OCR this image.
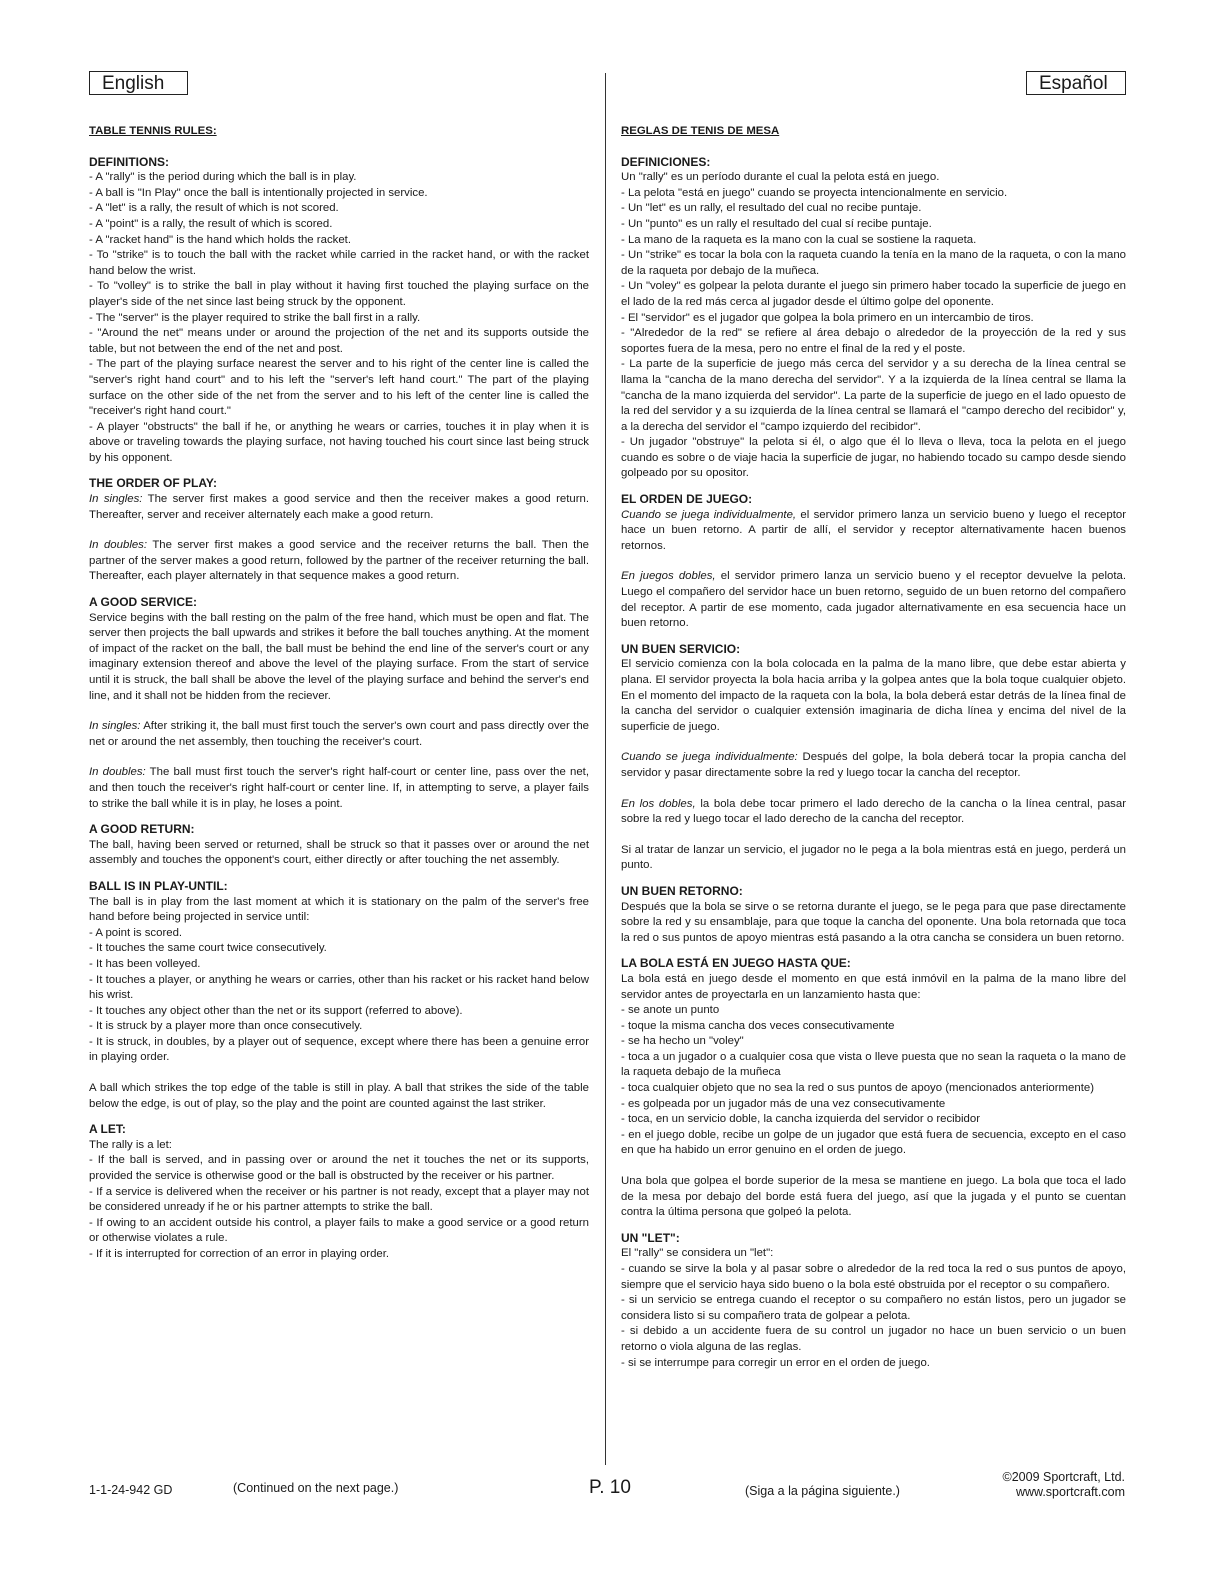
English	Español
TABLE TENNIS RULES:
DEFINITIONS:

- A "rally" is the period during which the ball is in play.
- A ball is "In Play" once the ball is intentionally projected in service.
- A "let" is a rally, the result of which is not scored.
- A "point" is a rally, the result of which is scored.
- A "racket hand" is the hand which holds the racket.
- To "strike" is to touch the ball with the racket while carried in the racket hand, or with the racket hand below the wrist.
- To "volley" is to strike the ball in play without it having first touched the playing surface on the player's side of the net since last being struck by the opponent.
- The "server" is the player required to strike the ball first in a rally.
- "Around the net" means under or around the projection of the net and its supports outside the table, but not between the end of the net and post.
- The part of the playing surface nearest the server and to his right of the center line is called the "server's right hand court" and to his left the "server's left hand court." The part of the playing surface on the other side of the net from the server and to his left of the center line is called the "receiver's right hand court."
- A player "obstructs" the ball if he, or anything he wears or carries, touches it in play when it is above or traveling towards the playing surface, not having touched his court since last being struck by his opponent.

THE ORDER OF PLAY:

In singles: The server first makes a good service and then the receiver makes a good return. Thereafter, server and receiver alternately each make a good return.

In doubles: The server first makes a good service and the receiver returns the ball. Then the partner of the server makes a good return, followed by the partner of the receiver returning the ball. Thereafter, each player alternately in that sequence makes a good return.

A GOOD SERVICE:

Service begins with the ball resting on the palm of the free hand, which must be open and flat. The server then projects the ball upwards and strikes it before the ball touches anything. At the moment of impact of the racket on the ball, the ball must be behind the end line of the server's court or any imaginary extension thereof and above the level of the playing surface. From the start of service until it is struck, the ball shall be above the level of the playing surface and behind the server's end line, and it shall not be hidden from the reciever.

In singles: After striking it, the ball must first touch the server's own court and pass directly over the net or around the net assembly, then touching the receiver's court.

In doubles: The ball must first touch the server's right half-court or center line, pass over the net, and then touch the receiver's right half-court or center line. If, in attempting to serve, a player fails to strike the ball while it is in play, he loses a point.

A GOOD RETURN:

The ball, having been served or returned, shall be struck so that it passes over or around the net assembly and touches the opponent's court, either directly or after touching the net assembly.

BALL IS IN PLAY-UNTIL:

The ball is in play from the last moment at which it is stationary on the palm of the server's free hand before being projected in service until:
- A point is scored.
- It touches the same court twice consecutively.
- It has been volleyed.
- It touches a player, or anything he wears or carries, other than his racket or his racket hand below his wrist.
- It touches any object other than the net or its support (referred to above).
- It is struck by a player more than once consecutively.
- It is struck, in doubles, by a player out of sequence, except where there has been a genuine error in playing order.

A ball which strikes the top edge of the table is still in play. A ball that strikes the side of the table below the edge, is out of play, so the play and the point are counted against the last striker.

A LET:

The rally is a let:
- If the ball is served, and in passing over or around the net it touches the net or its supports, provided the service is otherwise good or the ball is obstructed by the receiver or his partner.
- If a service is delivered when the receiver or his partner is not ready, except that a player may not be considered unready if he or his partner attempts to strike the ball.
- If owing to an accident outside his control, a player fails to make a good service or a good return or otherwise violates a rule.
- If it is interrupted for correction of an error in playing order.

REGLAS DE TENIS DE MESA
DEFINICIONES:

Un "rally" es un período durante el cual la pelota está en juego.
- La pelota "está en juego" cuando se proyecta intencionalmente en servicio.
- Un "let" es un rally, el resultado del cual no recibe puntaje.
- Un "punto" es un rally el resultado del cual sí recibe puntaje.
- La mano de la raqueta es la mano con la cual se sostiene la raqueta.
- Un "strike" es tocar la bola con la raqueta cuando la tenía en la mano de la raqueta, o con la mano de la raqueta por debajo de la muñeca.
- Un "voley" es golpear la pelota durante el juego sin primero haber tocado la superficie de juego en el lado de la red más cerca al jugador desde el último golpe del oponente.
- El "servidor" es el jugador que golpea la bola primero en un intercambio de tiros.
- "Alrededor de la red" se refiere al área debajo o alrededor de la proyección de la red y sus soportes fuera de la mesa, pero no entre el final de la red y el poste.
- La parte de la superficie de juego más cerca del servidor y a su derecha de la línea central se llama la "cancha de la mano derecha del servidor". Y a la izquierda de la línea central se llama la "cancha de la mano izquierda del servidor". La parte de la superficie de juego en el lado opuesto de la red del servidor y a su izquierda de la línea central se llamará el "campo derecho del recibidor" y, a la derecha del servidor el "campo izquierdo del recibidor".
- Un jugador "obstruye" la pelota si él, o algo que él lo lleva o lleva, toca la pelota en el juego cuando es sobre o de viaje hacia la superficie de jugar, no habiendo tocado su campo desde siendo golpeado por su opositor.

EL ORDEN DE JUEGO:

Cuando se juega individualmente, el servidor primero lanza un servicio bueno y luego el receptor hace un buen retorno. A partir de allí, el servidor y receptor alternativamente hacen buenos retornos.

En juegos dobles, el servidor primero lanza un servicio bueno y el receptor devuelve la pelota. Luego el compañero del servidor hace un buen retorno, seguido de un buen retorno del compañero del receptor. A partir de ese momento, cada jugador alternativamente en esa secuencia hace un buen retorno.

UN BUEN SERVICIO:

El servicio comienza con la bola colocada en la palma de la mano libre, que debe estar abierta y plana. El servidor proyecta la bola hacia arriba y la golpea antes que la bola toque cualquier objeto. En el momento del impacto de la raqueta con la bola, la bola deberá estar detrás de la línea final de la cancha del servidor o cualquier extensión imaginaria de dicha línea y encima del nivel de la superficie de juego.

Cuando se juega individualmente: Después del golpe, la bola deberá tocar la propia cancha del servidor y pasar directamente sobre la red y luego tocar la cancha del receptor.

En los dobles, la bola debe tocar primero el lado derecho de la cancha o la línea central, pasar sobre la red y luego tocar el lado derecho de la cancha del receptor.

Si al tratar de lanzar un servicio, el jugador no le pega a la bola mientras está en juego, perderá un punto.

UN BUEN RETORNO:

Después que la bola se sirve o se retorna durante el juego, se le pega para que pase directamente sobre la red y su ensamblaje, para que toque la cancha del oponente. Una bola retornada que toca la red o sus puntos de apoyo mientras está pasando a la otra cancha se considera un buen retorno.

LA BOLA ESTÁ EN JUEGO HASTA QUE:

La bola está en juego desde el momento en que está inmóvil en la palma de la mano libre del servidor antes de proyectarla en un lanzamiento hasta que:
- se anote un punto
- toque la misma cancha dos veces consecutivamente
- se ha hecho un "voley"
- toca a un jugador o a cualquier cosa que vista o lleve puesta que no sean la raqueta o la mano de la raqueta debajo de la muñeca
- toca cualquier objeto que no sea la red o sus puntos de apoyo (mencionados anteriormente)
- es golpeada por un jugador más de una vez consecutivamente
- toca, en un servicio doble, la cancha izquierda del servidor o recibidor
- en el juego doble, recibe un golpe de un jugador que está fuera de secuencia, excepto en el caso en que ha habido un error genuino en el orden de juego.

Una bola que golpea el borde superior de la mesa se mantiene en juego. La bola que toca el lado de la mesa por debajo del borde está fuera del juego, así que la jugada y el punto se cuentan contra la última persona que golpeó la pelota.

UN "LET":

El "rally" se considera un "let":
- cuando se sirve la bola y al pasar sobre o alrededor de la red toca la red o sus puntos de apoyo, siempre que el servicio haya sido bueno o la bola esté obstruida por el receptor o su compañero.
- si un servicio se entrega cuando el receptor o su compañero no están listos, pero un jugador se considera listo si su compañero trata de golpear a pelota.
- si debido a un accidente fuera de su control un jugador no hace un buen servicio o un buen retorno o viola alguna de las reglas.
- si se interrumpe para corregir un error en el orden de juego.

1-1-24-942 GD	(Continued on the next page.)	P. 10	(Siga a la página siguiente.)
©2009 Sportcraft, Ltd.
www.sportcraft.com
